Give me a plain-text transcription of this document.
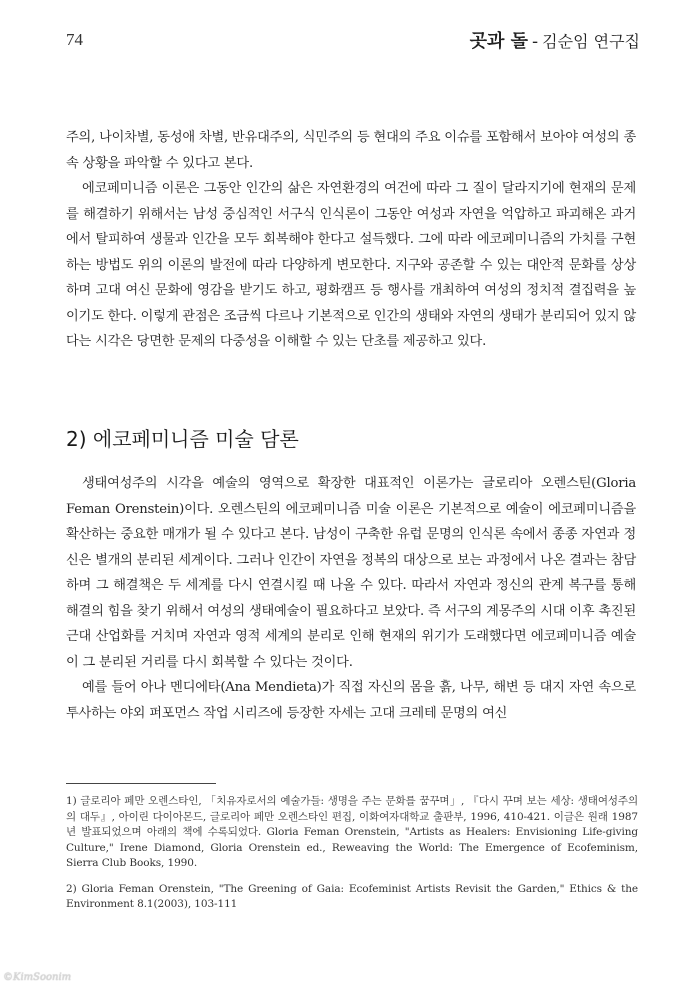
74	곳과 돌 - 김순임 연구집

주의, 나이차별, 동성애 차별, 반유대주의, 식민주의 등 현대의 주요 이슈를 포함해서 보아야 여성의 종속 상황을 파악할 수 있다고 본다.

에코페미니즘 이론은 그동안 인간의 삶은 자연환경의 여건에 따라 그 질이 달라지기에 현재의 문제를 해결하기 위해서는 남성 중심적인 서구식 인식론이 그동안 여성과 자연을 억압하고 파괴해온 과거에서 탈피하여 생물과 인간을 모두 회복해야 한다고 설득했다. 그에 따라 에코페미니즘의 가치를 구현하는 방법도 위의 이론의 발전에 따라 다양하게 변모한다. 지구와 공존할 수 있는 대안적 문화를 상상하며 고대 여신 문화에 영감을 받기도 하고, 평화캠프 등 행사를 개최하여 여성의 정치적 결집력을 높이기도 한다. 이렇게 관점은 조금씩 다르나 기본적으로 인간의 생태와 자연의 생태가 분리되어 있지 않다는 시각은 당면한 문제의 다중성을 이해할 수 있는 단초를 제공하고 있다.

2) 에코페미니즘 미술 담론

생태여성주의 시각을 예술의 영역으로 확장한 대표적인 이론가는 글로리아 오렌스틴(Gloria Feman Orenstein)이다. 오렌스틴의 에코페미니즘 미술 이론은 기본적으로 예술이 에코페미니즘을 확산하는 중요한 매개가 될 수 있다고 본다. 남성이 구축한 유럽 문명의 인식론 속에서 종종 자연과 정신은 별개의 분리된 세계이다. 그러나 인간이 자연을 정복의 대상으로 보는 과정에서 나온 결과는 참담하며 그 해결책은 두 세계를 다시 연결시킬 때 나올 수 있다. 따라서 자연과 정신의 관계 복구를 통해 해결의 힘을 찾기 위해서 여성의 생태예술이 필요하다고 보았다. 즉 서구의 계몽주의 시대 이후 촉진된 근대 산업화를 거치며 자연과 영적 세계의 분리로 인해 현재의 위기가 도래했다면 에코페미니즘 예술이 그 분리된 거리를 다시 회복할 수 있다는 것이다.

예를 들어 아나 멘디에타(Ana Mendieta)가 직접 자신의 몸을 흙, 나무, 해변 등 대지 자연 속으로 투사하는 야외 퍼포먼스 작업 시리즈에 등장한 자세는 고대 크레테 문명의 여신

1) 글로리아 페만 오렌스타인, 「치유자로서의 예술가들: 생명을 주는 문화를 꿈꾸며」, 『다시 꾸며 보는 세상: 생태여성주의의 대두』, 아이린 다이아몬드, 글로리아 페만 오렌스타인 편집, 이화여자대학교 출판부, 1996, 410-421. 이글은 원래 1987년 발표되었으며 아래의 책에 수록되었다. Gloria Feman Orenstein, "Artists as Healers: Envisioning Life-giving Culture," Irene Diamond, Gloria Orenstein ed., Reweaving the World: The Emergence of Ecofeminism, Sierra Club Books, 1990.

2) Gloria Feman Orenstein, "The Greening of Gaia: Ecofeminist Artists Revisit the Garden," Ethics & the Environment 8.1(2003), 103-111

©KimSoonim
